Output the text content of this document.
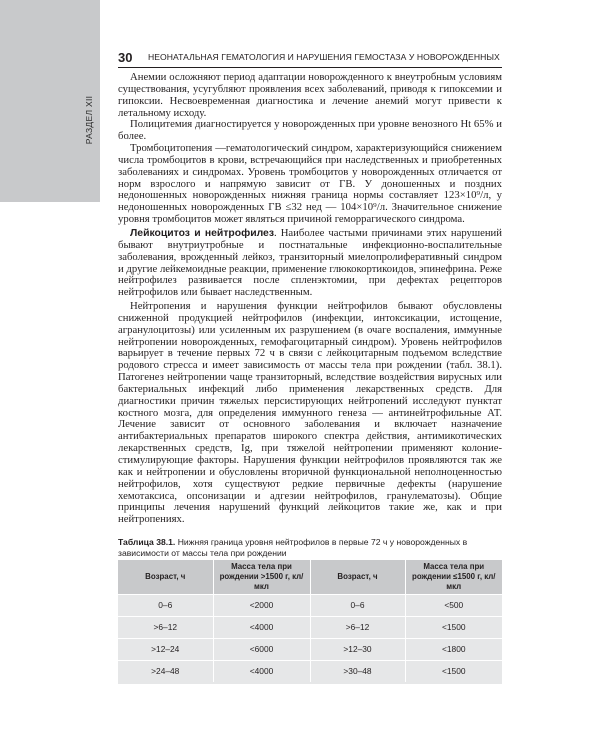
РАЗДЕЛ XII
30 НЕОНАТАЛЬНАЯ ГЕМАТОЛОГИЯ И НАРУШЕНИЯ ГЕМОСТАЗА У НОВОРОЖДЕННЫХ

Анемии осложняют период адаптации новорожденного к внеутробным условиям существования, усугубляют проявления всех заболеваний, приводя к гипоксемии и гипоксии. Несвоевременная диагностика и лечение анемий могут привести к летальному исходу.

Полицитемия диагностируется у новорожденных при уровне венозного Ht 65% и более.

Тромбоцитопения —гематологический синдром, характеризующийся снижением числа тромбоцитов в крови, встречающийся при наследственных и приобретенных заболеваниях и синдромах. Уровень тромбоцитов у новорожденных отличается от норм взрослого и напрямую зависит от ГВ. У доношенных и поздних недоношенных новорожденных нижняя граница нормы составляет 123×10⁹/л, у недоношенных новорожденных ГВ ≤32 нед — 104×10⁹/л. Значительное снижение уровня тромбоцитов может являться причиной геморрагического синдрома.

Лейкоцитоз и нейтрофилез. Наиболее частыми причинами этих нарушений бывают внутриутробные и постнатальные инфекционно-воспалительные заболевания, врожденный лейкоз, транзиторный миелопролиферативный синдром и другие лейкемоидные реакции, применение глюкокортикоидов, эпинефрина. Реже нейтрофилез развивается после спленэктомии, при дефектах рецепторов нейтрофилов или бывает наследственным.

Нейтропения и нарушения функции нейтрофилов бывают обусловлены сниженной продукцией нейтрофилов (инфекции, интоксикации, истощение, агранулоцитозы) или усиленным их разрушением (в очаге воспаления, иммунные нейтропении новорожденных, гемофагоцитарный синдром). Уровень нейтрофилов варьирует в течение первых 72 ч в связи с лейкоцитарным подъемом вследствие родового стресса и имеет зависимость от массы тела при рождении (табл. 38.1). Патогенез нейтропении чаще транзиторный, вследствие воздействия вирусных или бактериальных инфекций либо применения лекарственных средств. Для диагностики причин тяжелых персистирующих нейтропений исследуют пунктат костного мозга, для определения иммунного генеза — антинейтрофильные АТ. Лечение зависит от основного заболевания и включает назначение антибактериальных препаратов широкого спектра действия, антимикотических лекарственных средств, Ig, при тяжелой нейтропении применяют колоние-стимулирующие факторы. Нарушения функции нейтрофилов проявляются так же как и нейтропении и обусловлены вторичной функциональной неполноценностью нейтрофилов, хотя существуют редкие первичные дефекты (нарушение хемотаксиса, опсонизации и адгезии нейтрофилов, гранулематозы). Общие принципы лечения нарушений функций лейкоцитов такие же, как и при нейтропениях.

Таблица 38.1. Нижняя граница уровня нейтрофилов в первые 72 ч у новорожденных в зависимости от массы тела при рождении
Возраст, ч	Масса тела при рождении >1500 г, кл/мкл	Возраст, ч	Масса тела при рождении ≤1500 г, кл/мкл
0–6	<2000	0–6	<500
>6–12	<4000	>6–12	<1500
>12–24	<6000	>12–30	<1800
>24–48	<4000	>30–48	<1500
